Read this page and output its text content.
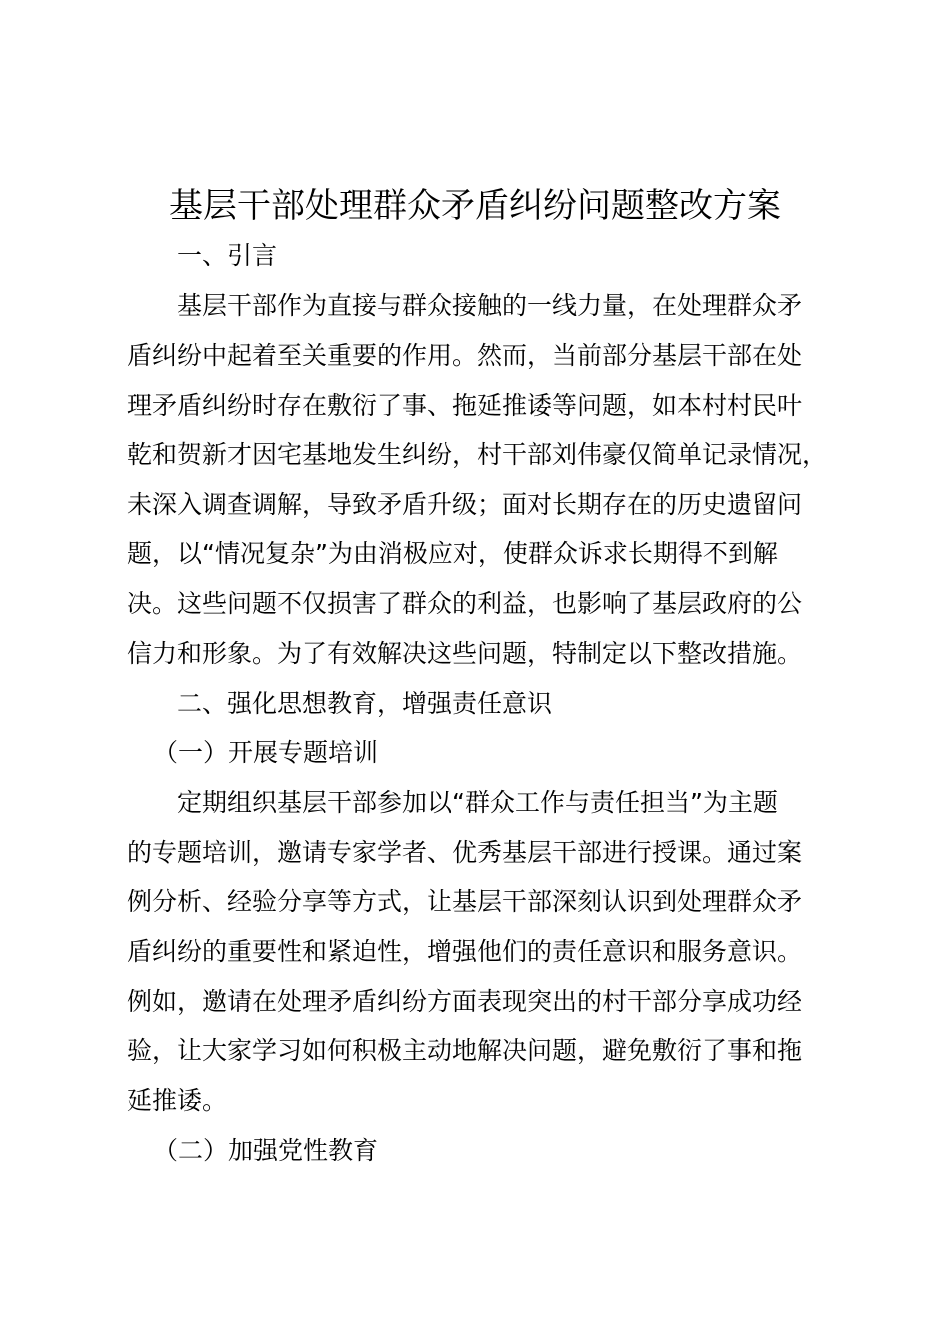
基层干部处理群众矛盾纠纷问题整改方案
一、引言
基层干部作为直接与群众接触的一线力量，在处理群众矛
盾纠纷中起着至关重要的作用。然而，当前部分基层干部在处
理矛盾纠纷时存在敷衍了事、拖延推诿等问题，如本村村民叶
乾和贺新才因宅基地发生纠纷，村干部刘伟豪仅简单记录情况，
未深入调查调解，导致矛盾升级；面对长期存在的历史遗留问
题，以“情况复杂”为由消极应对，使群众诉求长期得不到解
决。这些问题不仅损害了群众的利益，也影响了基层政府的公
信力和形象。为了有效解决这些问题，特制定以下整改措施。
二、强化思想教育，增强责任意识
（一）开展专题培训
定期组织基层干部参加以“群众工作与责任担当”为主题
的专题培训，邀请专家学者、优秀基层干部进行授课。通过案
例分析、经验分享等方式，让基层干部深刻认识到处理群众矛
盾纠纷的重要性和紧迫性，增强他们的责任意识和服务意识。
例如，邀请在处理矛盾纠纷方面表现突出的村干部分享成功经
验，让大家学习如何积极主动地解决问题，避免敷衍了事和拖
延推诿。
（二）加强党性教育
